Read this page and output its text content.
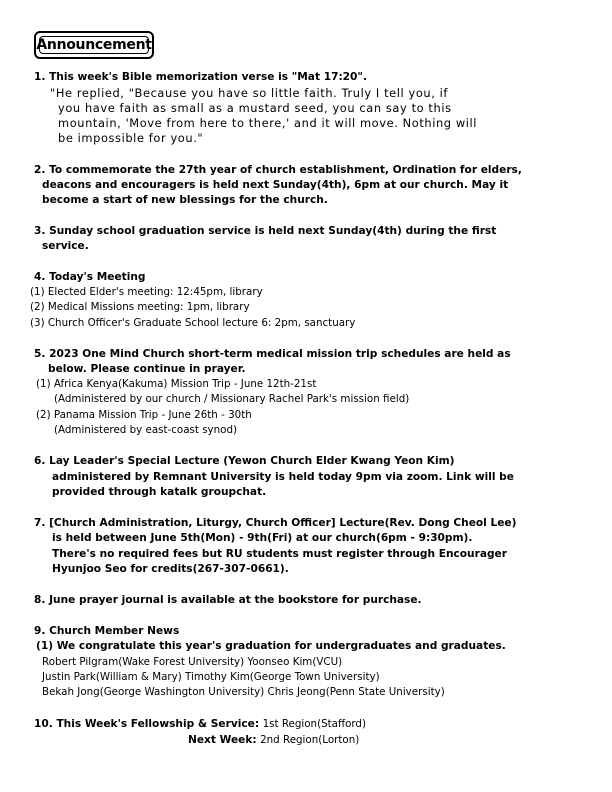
Announcement
1. This week's Bible memorization verse is "Mat 17:20".
"He replied, "Because you have so little faith. Truly I tell you, if
you have faith as small as a mustard seed, you can say to this
mountain, 'Move from here to there,' and it will move. Nothing will
be impossible for you."
2. To commemorate the 27th year of church establishment, Ordination for elders,
deacons and encouragers is held next Sunday(4th), 6pm at our church. May it
become a start of new blessings for the church.
3. Sunday school graduation service is held next Sunday(4th) during the first
service.
4. Today's Meeting
(1) Elected Elder's meeting: 12:45pm, library
(2) Medical Missions meeting: 1pm, library
(3) Church Officer's Graduate School lecture 6: 2pm, sanctuary
5. 2023 One Mind Church short-term medical mission trip schedules are held as
below. Please continue in prayer.
(1) Africa Kenya(Kakuma) Mission Trip - June 12th-21st
(Administered by our church / Missionary Rachel Park's mission field)
(2) Panama Mission Trip - June 26th - 30th
(Administered by east-coast synod)
6. Lay Leader's Special Lecture (Yewon Church Elder Kwang Yeon Kim)
administered by Remnant University is held today 9pm via zoom. Link will be
provided through katalk groupchat.
7. [Church Administration, Liturgy, Church Officer] Lecture(Rev. Dong Cheol Lee)
is held between June 5th(Mon) - 9th(Fri) at our church(6pm - 9:30pm).
There's no required fees but RU students must register through Encourager
Hyunjoo Seo for credits(267-307-0661).
8. June prayer journal is available at the bookstore for purchase.
9. Church Member News
(1) We congratulate this year's graduation for undergraduates and graduates.
Robert Pilgram(Wake Forest University) Yoonseo Kim(VCU)
Justin Park(William & Mary) Timothy Kim(George Town University)
Bekah Jong(George Washington University) Chris Jeong(Penn State University)
10. This Week's Fellowship & Service: 1st Region(Stafford)
Next Week: 2nd Region(Lorton)
